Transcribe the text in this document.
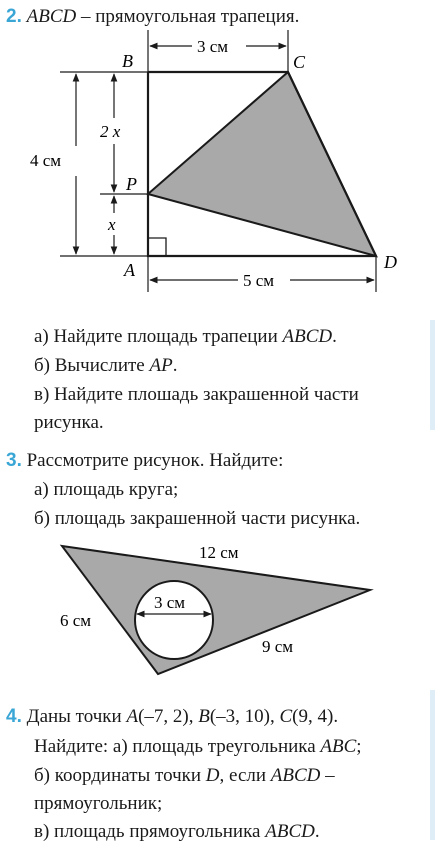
2. ABCD – прямоугольная трапеция.
B	C
P
A	D
3 см
5 см
4 см
2 x
x
3 см
12 см
6 см
9 см
а) Найдите площадь трапеции ABCD.
б) Вычислите AP.
в) Найдите плошадь закрашенной части
рисунка.
3. Рассмотрите рисунок. Найдите:
а) площадь круга;
б) площадь закрашенной части рисунка.
4. Даны точки A(–7, 2), B(–3, 10), C(9, 4).
Найдите: а) площадь треугольника ABC;
б) координаты точки D, если ABCD –
прямоугольник;
в) площадь прямоугольника ABCD.
